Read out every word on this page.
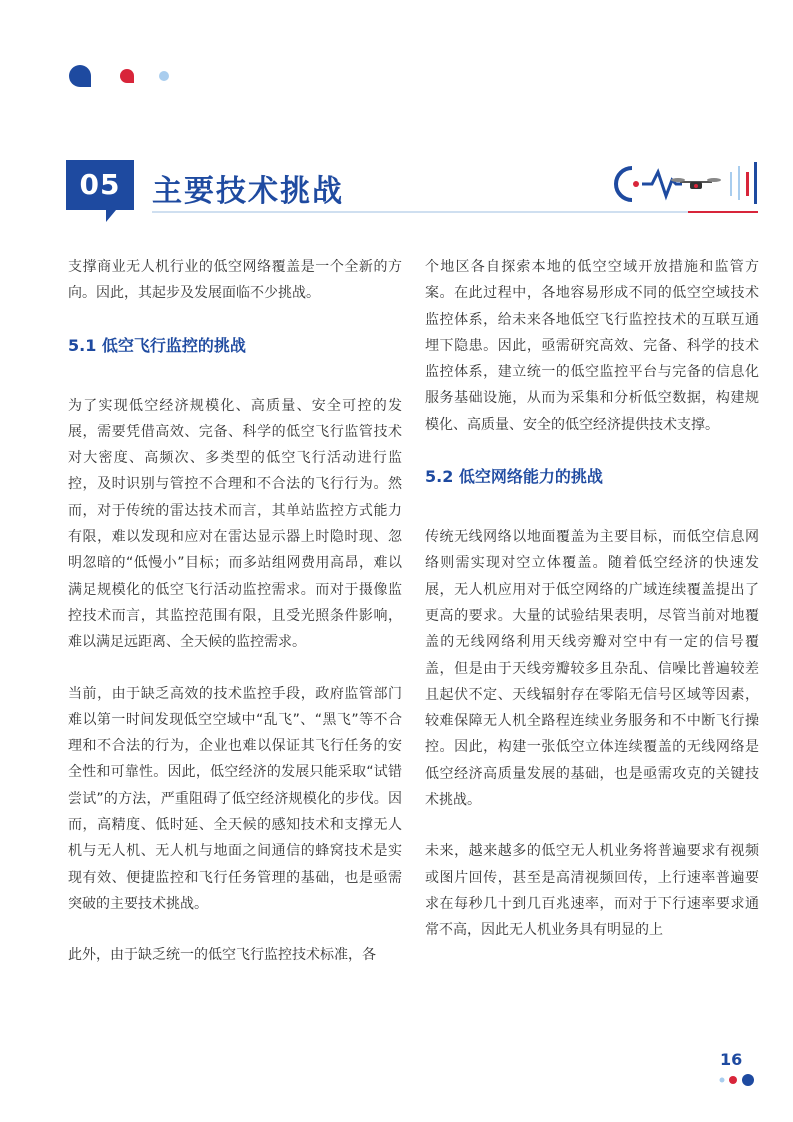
05	主要技术挑战

支撑商业无人机行业的低空网络覆盖是一个全新的方向。因此，其起步及发展面临不少挑战。

5.1 低空飞行监控的挑战

为了实现低空经济规模化、高质量、安全可控的发展，需要凭借高效、完备、科学的低空飞行监管技术对大密度、高频次、多类型的低空飞行活动进行监控，及时识别与管控不合理和不合法的飞行行为。然而，对于传统的雷达技术而言，其单站监控方式能力有限，难以发现和应对在雷达显示器上时隐时现、忽明忽暗的“低慢小”目标；而多站组网费用高昂，难以满足规模化的低空飞行活动监控需求。而对于摄像监控技术而言，其监控范围有限，且受光照条件影响，难以满足远距离、全天候的监控需求。

当前，由于缺乏高效的技术监控手段，政府监管部门难以第一时间发现低空空域中“乱飞”、“黑飞”等不合理和不合法的行为，企业也难以保证其飞行任务的安全性和可靠性。因此，低空经济的发展只能采取“试错尝试”的方法，严重阻碍了低空经济规模化的步伐。因而，高精度、低时延、全天候的感知技术和支撑无人机与无人机、无人机与地面之间通信的蜂窝技术是实现有效、便捷监控和飞行任务管理的基础，也是亟需突破的主要技术挑战。

此外，由于缺乏统一的低空飞行监控技术标准，各

个地区各自探索本地的低空空域开放措施和监管方案。在此过程中，各地容易形成不同的低空空域技术监控体系，给未来各地低空飞行监控技术的互联互通埋下隐患。因此，亟需研究高效、完备、科学的技术监控体系，建立统一的低空监控平台与完备的信息化服务基础设施，从而为采集和分析低空数据，构建规模化、高质量、安全的低空经济提供技术支撑。

5.2 低空网络能力的挑战

传统无线网络以地面覆盖为主要目标，而低空信息网络则需实现对空立体覆盖。随着低空经济的快速发展，无人机应用对于低空网络的广域连续覆盖提出了更高的要求。大量的试验结果表明，尽管当前对地覆盖的无线网络利用天线旁瓣对空中有一定的信号覆盖，但是由于天线旁瓣较多且杂乱、信噪比普遍较差且起伏不定、天线辐射存在零陷无信号区域等因素，较难保障无人机全路程连续业务服务和不中断飞行操控。因此，构建一张低空立体连续覆盖的无线网络是低空经济高质量发展的基础，也是亟需攻克的关键技术挑战。

未来，越来越多的低空无人机业务将普遍要求有视频或图片回传，甚至是高清视频回传，上行速率普遍要求在每秒几十到几百兆速率，而对于下行速率要求通常不高，因此无人机业务具有明显的上

16
